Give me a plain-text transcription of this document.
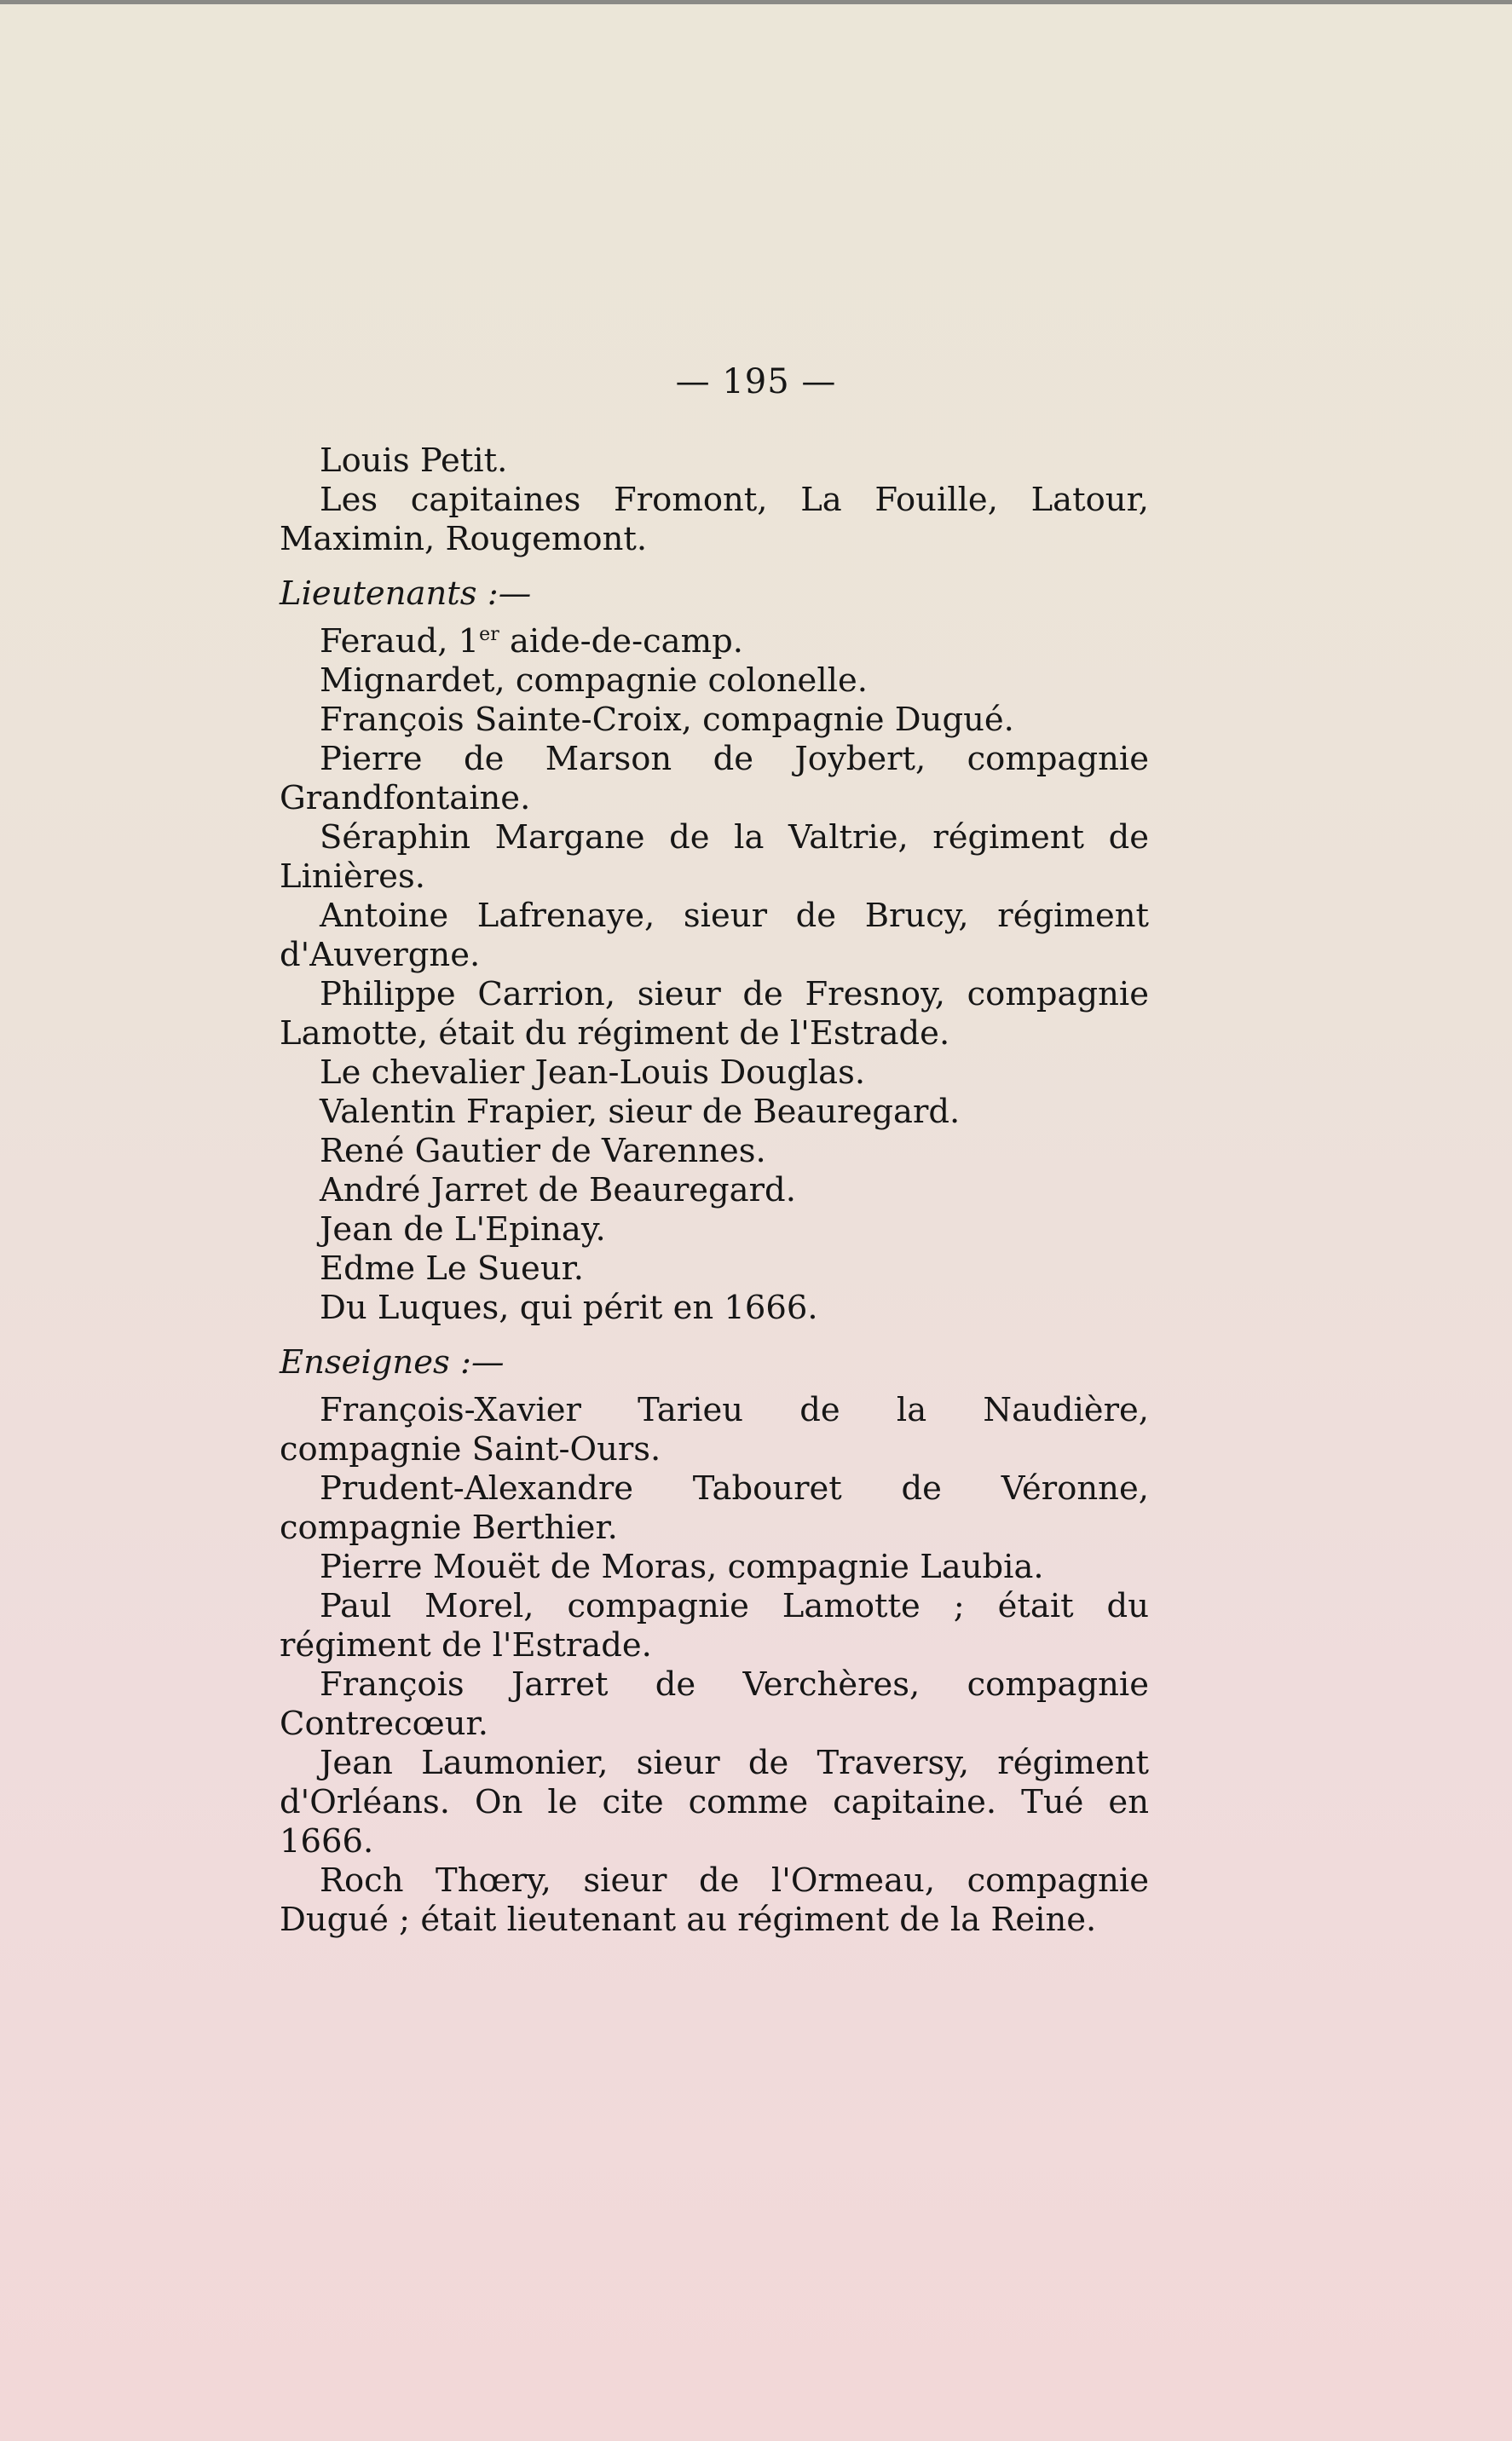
— 195 —

Louis Petit.

Les capitaines Fromont, La Fouille, Latour, Maximin, Rougemont.

Lieutenants :—

Feraud, 1er aide-de-camp.

Mignardet, compagnie colonelle.

François Sainte-Croix, compagnie Dugué.

Pierre de Marson de Joybert, compagnie Grandfontaine.

Séraphin Margane de la Valtrie, régiment de Linières.

Antoine Lafrenaye, sieur de Brucy, régiment d'Auvergne.

Philippe Carrion, sieur de Fresnoy, compagnie Lamotte, était du régiment de l'Estrade.

Le chevalier Jean-Louis Douglas.

Valentin Frapier, sieur de Beauregard.

René Gautier de Varennes.

André Jarret de Beauregard.

Jean de L'Epinay.

Edme Le Sueur.

Du Luques, qui périt en 1666.

Enseignes :—

François-Xavier Tarieu de la Naudière, compagnie Saint-Ours.

Prudent-Alexandre Tabouret de Véronne, compagnie Berthier.

Pierre Mouët de Moras, compagnie Laubia.

Paul Morel, compagnie Lamotte ; était du régiment de l'Estrade.

François Jarret de Verchères, compagnie Contrecœur.

Jean Laumonier, sieur de Traversy, régiment d'Orléans. On le cite comme capitaine. Tué en 1666.

Roch Thœry, sieur de l'Ormeau, compagnie Dugué ; était lieutenant au régiment de la Reine.
